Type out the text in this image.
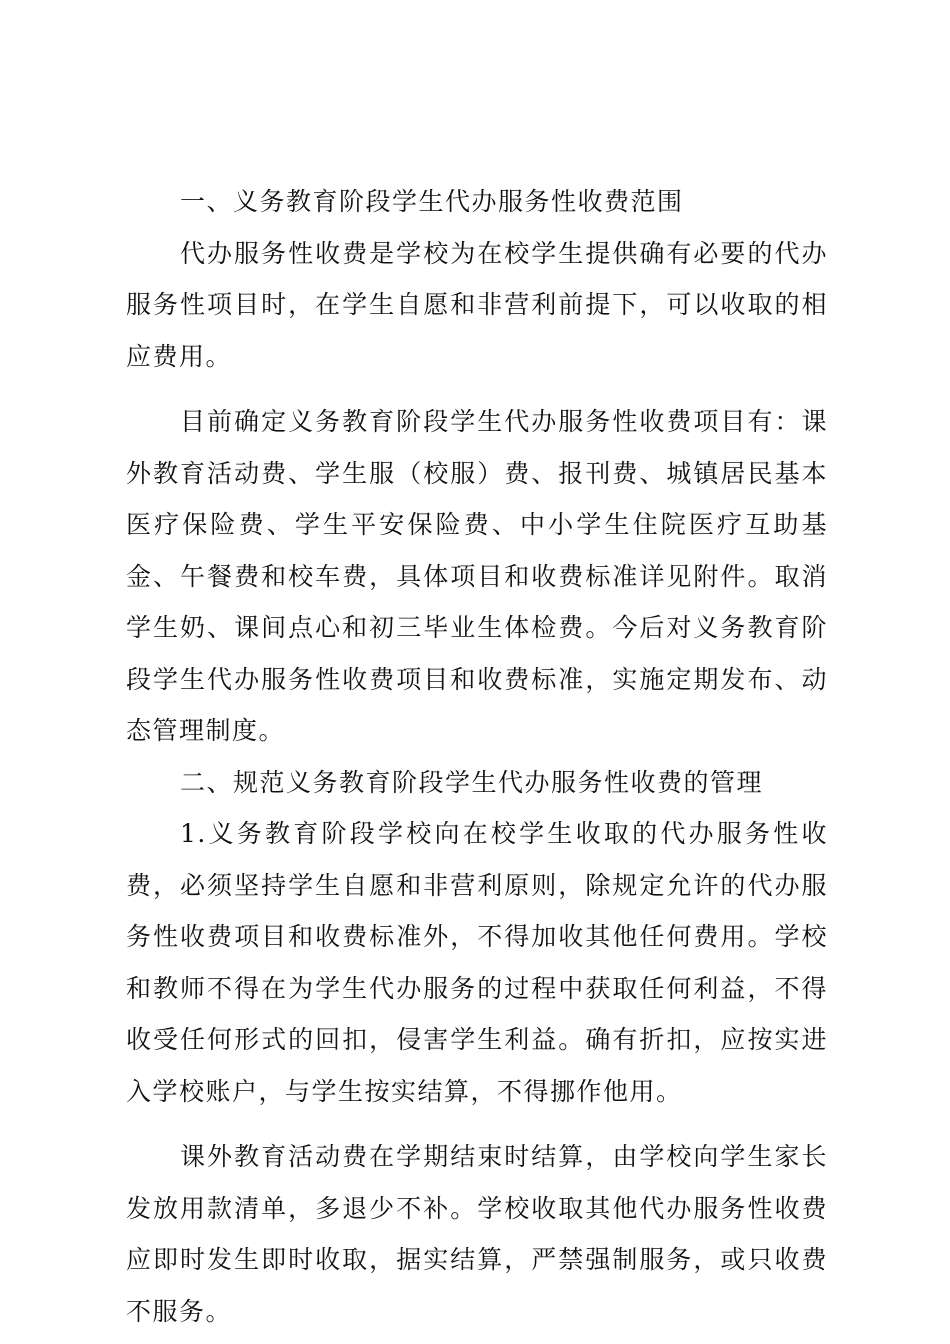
一、义务教育阶段学生代办服务性收费范围

代办服务性收费是学校为在校学生提供确有必要的代办服务性项目时，在学生自愿和非营利前提下，可以收取的相应费用。

目前确定义务教育阶段学生代办服务性收费项目有：课外教育活动费、学生服（校服）费、报刊费、城镇居民基本医疗保险费、学生平安保险费、中小学生住院医疗互助基金、午餐费和校车费，具体项目和收费标准详见附件。取消学生奶、课间点心和初三毕业生体检费。今后对义务教育阶段学生代办服务性收费项目和收费标准，实施定期发布、动态管理制度。

二、规范义务教育阶段学生代办服务性收费的管理

1.义务教育阶段学校向在校学生收取的代办服务性收费，必须坚持学生自愿和非营利原则，除规定允许的代办服务性收费项目和收费标准外，不得加收其他任何费用。学校和教师不得在为学生代办服务的过程中获取任何利益，不得收受任何形式的回扣，侵害学生利益。确有折扣，应按实进入学校账户，与学生按实结算，不得挪作他用。

课外教育活动费在学期结束时结算，由学校向学生家长发放用款清单，多退少不补。学校收取其他代办服务性收费应即时发生即时收取，据实结算，严禁强制服务，或只收费不服务。
